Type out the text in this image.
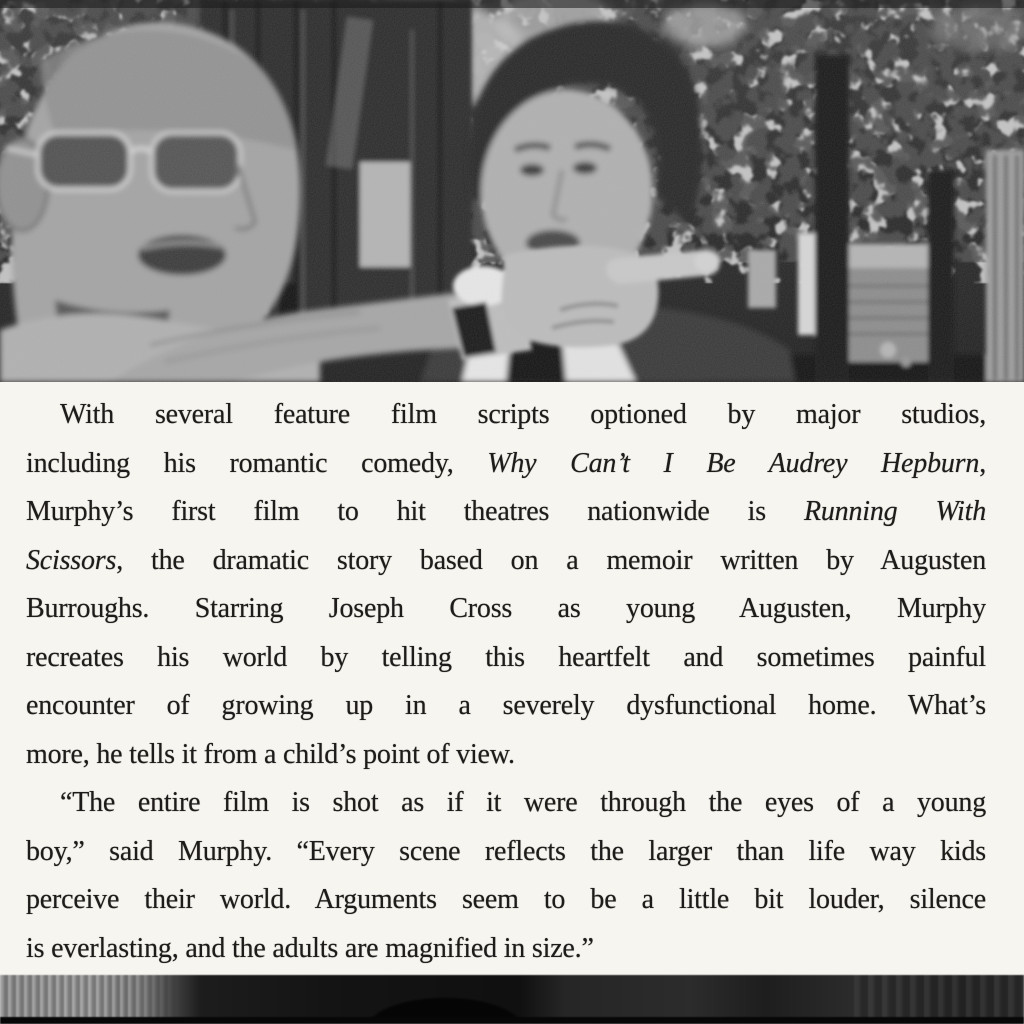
With several feature film scripts optioned by major studios,
including his romantic comedy, Why Can’t I Be Audrey Hepburn,
Murphy’s first film to hit theatres nationwide is Running With
Scissors, the dramatic story based on a memoir written by Augusten
Burroughs. Starring Joseph Cross as young Augusten, Murphy
recreates his world by telling this heartfelt and sometimes painful
encounter of growing up in a severely dysfunctional home. What’s
more, he tells it from a child’s point of view.
“The entire film is shot as if it were through the eyes of a young
boy,” said Murphy. “Every scene reflects the larger than life way kids
perceive their world. Arguments seem to be a little bit louder, silence
is everlasting, and the adults are magnified in size.”
